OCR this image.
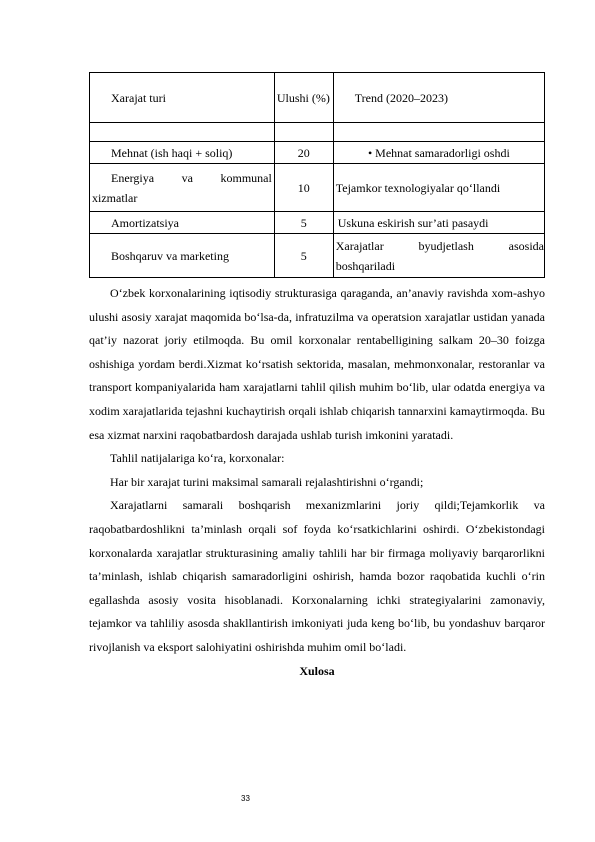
Xarajat turi	Ulushi (%)	Trend (2020–2023)

Mehnat (ish haqi + soliq)	20	• Mehnat samaradorligi oshdi

Energiya va kommunal
xizmatlar	10	Tejamkor texnologiyalar qo‘llandi
Amortizatsiya	5	Uskuna eskirish sur’ati pasaydi
Boshqaruv va marketing	5	Xarajatlar byudjetlash asosida
boshqariladi

O‘zbek korxonalarining iqtisodiy strukturasiga qaraganda, an’anaviy ravishda xom-ashyo ulushi asosiy xarajat maqomida bo‘lsa-da, infratuzilma va operatsion xarajatlar ustidan yanada qat’iy nazorat joriy etilmoqda. Bu omil korxonalar rentabelligining salkam 20–30 foizga oshishiga yordam berdi.Xizmat ko‘rsatish sektorida, masalan, mehmonxonalar, restoranlar va transport kompaniyalarida ham xarajatlarni tahlil qilish muhim bo‘lib, ular odatda energiya va xodim xarajatlarida tejashni kuchaytirish orqali ishlab chiqarish tannarxini kamaytirmoqda. Bu esa xizmat narxini raqobatbardosh darajada ushlab turish imkonini yaratadi.

Tahlil natijalariga ko‘ra, korxonalar:

Har bir xarajat turini maksimal samarali rejalashtirishni o‘rgandi;

Xarajatlarni samarali boshqarish mexanizmlarini joriy qildi;Tejamkorlik va raqobatbardoshlikni ta’minlash orqali sof foyda ko‘rsatkichlarini oshirdi. O‘zbekistondagi korxonalarda xarajatlar strukturasining amaliy tahlili har bir firmaga moliyaviy barqarorlikni ta’minlash, ishlab chiqarish samaradorligini oshirish, hamda bozor raqobatida kuchli o‘rin egallashda asosiy vosita hisoblanadi. Korxonalarning ichki strategiyalarini zamonaviy, tejamkor va tahliliy asosda shakllantirish imkoniyati juda keng bo‘lib, bu yondashuv barqaror rivojlanish va eksport salohiyatini oshirishda muhim omil bo‘ladi.

Xulosa

33
